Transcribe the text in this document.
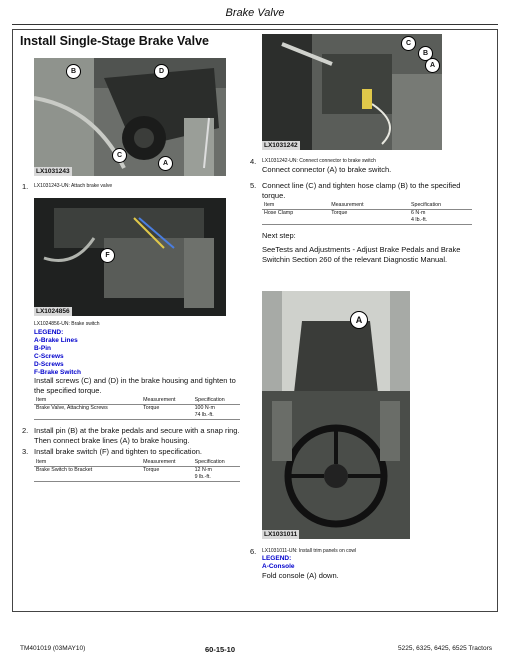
Brake Valve
Install Single-Stage Brake Valve
B	D
C
A
LX1031243
1. LX1031243-UN: Attach brake valve
F
LX1024856
LX1024856-UN: Brake switch
LEGEND:
A-Brake Lines
B-Pin
C-Screws
D-Screws
F-Brake Switch
Install screws (C) and (D) in the brake housing and tighten to the specified torque.
Item	Measurement	Specification
Brake Valve, Attaching Screws	Torque	100 N·m
74 lb.-ft.
2. Install pin (B) at the brake pedals and secure with a snap ring. Then connect brake lines (A) to brake housing.
3. Install brake switch (F) and tighten to specification.
Item	Measurement	Specification
Brake Switch to Bracket	Torque	12 N·m
9 lb.-ft.
C
B
A
LX1031242
4. LX1031242-UN: Connect connector to brake switch
Connect connector (A) to brake switch.
5. Connect line (C) and tighten hose clamp (B) to the specified torque.
Item	Measurement	Specification
Hose Clamp	Torque	6 N·m
4 lb.-ft.
Next step:
SeeTests and Adjustments - Adjust Brake Pedals and Brake Switchin Section 260 of the relevant Diagnostic Manual.
A
LX1031011
6. LX1031011-UN: Install trim panels on cowl
LEGEND:
A-Console
Fold console (A) down.
TM401019 (03MAY10)	60-15-10	5225, 6325, 6425, 6525 Tractors
